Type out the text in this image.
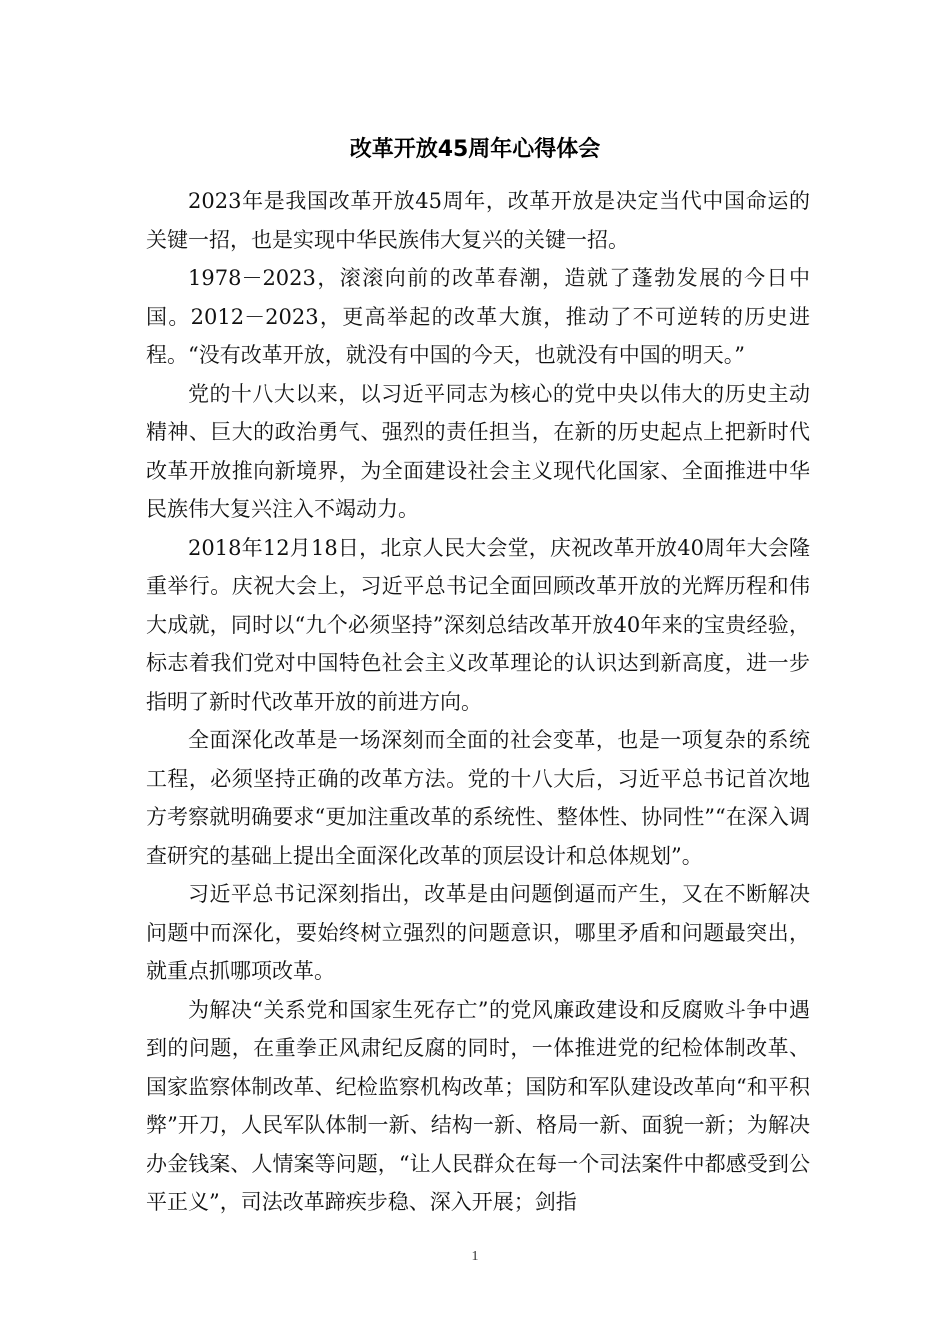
改革开放45周年心得体会

2023年是我国改革开放45周年，改革开放是决定当代中国命运的关键一招，也是实现中华民族伟大复兴的关键一招。

1978－2023，滚滚向前的改革春潮，造就了蓬勃发展的今日中国。2012－2023，更高举起的改革大旗，推动了不可逆转的历史进程。“没有改革开放，就没有中国的今天，也就没有中国的明天。”

党的十八大以来，以习近平同志为核心的党中央以伟大的历史主动精神、巨大的政治勇气、强烈的责任担当，在新的历史起点上把新时代改革开放推向新境界，为全面建设社会主义现代化国家、全面推进中华民族伟大复兴注入不竭动力。

2018年12月18日，北京人民大会堂，庆祝改革开放40周年大会隆重举行。庆祝大会上，习近平总书记全面回顾改革开放的光辉历程和伟大成就，同时以“九个必须坚持”深刻总结改革开放40年来的宝贵经验，标志着我们党对中国特色社会主义改革理论的认识达到新高度，进一步指明了新时代改革开放的前进方向。

全面深化改革是一场深刻而全面的社会变革，也是一项复杂的系统工程，必须坚持正确的改革方法。党的十八大后，习近平总书记首次地方考察就明确要求“更加注重改革的系统性、整体性、协同性”“在深入调查研究的基础上提出全面深化改革的顶层设计和总体规划”。

习近平总书记深刻指出，改革是由问题倒逼而产生，又在不断解决问题中而深化，要始终树立强烈的问题意识，哪里矛盾和问题最突出，就重点抓哪项改革。

为解决“关系党和国家生死存亡”的党风廉政建设和反腐败斗争中遇到的问题，在重拳正风肃纪反腐的同时，一体推进党的纪检体制改革、国家监察体制改革、纪检监察机构改革；国防和军队建设改革向“和平积弊”开刀，人民军队体制一新、结构一新、格局一新、面貌一新；为解决办金钱案、人情案等问题，“让人民群众在每一个司法案件中都感受到公平正义”，司法改革蹄疾步稳、深入开展；剑指

1
